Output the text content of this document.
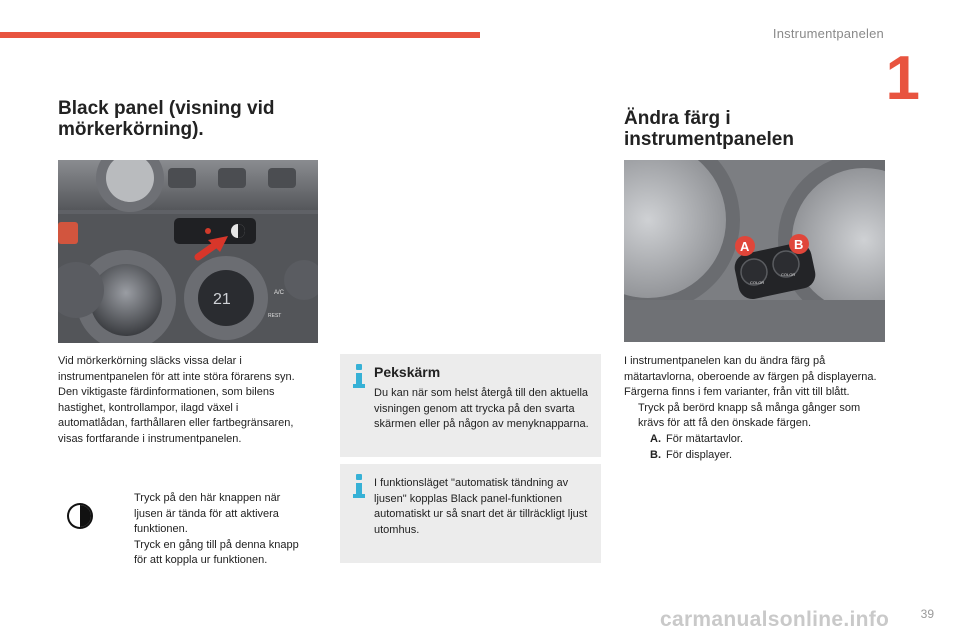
Instrumentpanelen
1
Black panel (visning vid mörkerkörning).
21	A/C
REST
Vid mörkerkörning släcks vissa delar i instrumentpanelen för att inte störa förarens syn.
Den viktigaste färdinformationen, som bilens hastighet, kontrollampor, ilagd växel i automatlådan, farthållaren eller fartbegränsaren, visas fortfarande i instrumentpanelen.
Tryck på den här knappen när ljusen är tända för att aktivera funktionen.
Tryck en gång till på denna knapp för att koppla ur funktionen.
Pekskärm
Du kan när som helst återgå till den aktuella visningen genom att trycka på den svarta skärmen eller på någon av menyknapparna.
I funktionsläget "automatisk tändning av ljusen" kopplas Black panel-funktionen automatiskt ur så snart det är tillräckligt ljust utomhus.
Ändra färg i instrumentpanelen
COLOR
COLOR
A	B
I instrumentpanelen kan du ändra färg på mätartavlorna, oberoende av färgen på displayerna.
Färgerna finns i fem varianter, från vitt till blått.
Tryck på berörd knapp så många gånger som krävs för att få den önskade färgen.
A. För mätartavlor.
B. För displayer.
carmanualsonline.info	39
